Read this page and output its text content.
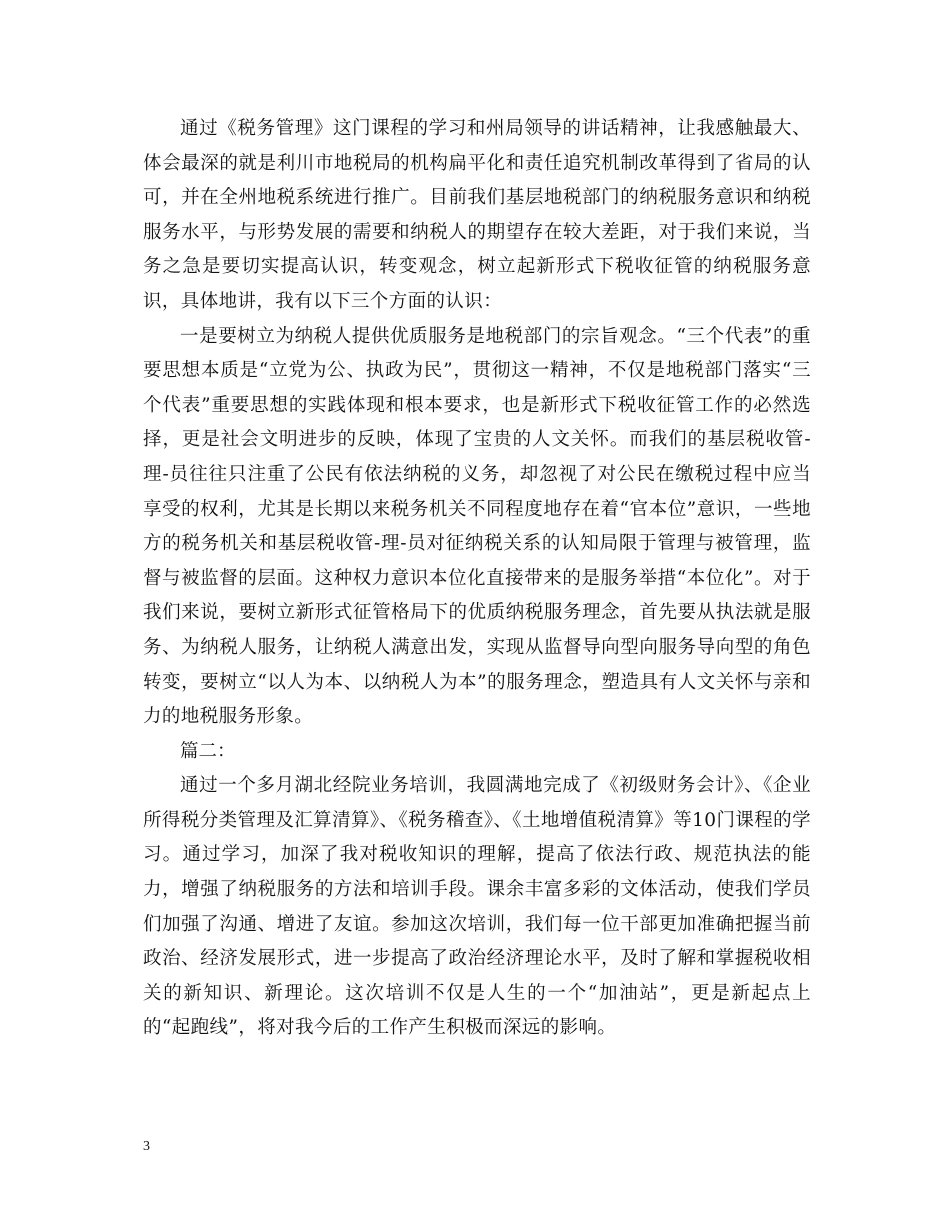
通过《税务管理》这门课程的学习和州局领导的讲话精神，让我感触最大、体会最深的就是利川市地税局的机构扁平化和责任追究机制改革得到了省局的认可，并在全州地税系统进行推广。目前我们基层地税部门的纳税服务意识和纳税服务水平，与形势发展的需要和纳税人的期望存在较大差距，对于我们来说，当务之急是要切实提高认识，转变观念，树立起新形式下税收征管的纳税服务意识，具体地讲，我有以下三个方面的认识：

一是要树立为纳税人提供优质服务是地税部门的宗旨观念。“三个代表”的重要思想本质是“立党为公、执政为民”，贯彻这一精神，不仅是地税部门落实“三个代表”重要思想的实践体现和根本要求，也是新形式下税收征管工作的必然选择，更是社会文明进步的反映，体现了宝贵的人文关怀。而我们的基层税收管-理-员往往只注重了公民有依法纳税的义务，却忽视了对公民在缴税过程中应当享受的权利，尤其是长期以来税务机关不同程度地存在着“官本位”意识，一些地方的税务机关和基层税收管-理-员对征纳税关系的认知局限于管理与被管理，监督与被监督的层面。这种权力意识本位化直接带来的是服务举措“本位化”。对于我们来说，要树立新形式征管格局下的优质纳税服务理念，首先要从执法就是服务、为纳税人服务，让纳税人满意出发，实现从监督导向型向服务导向型的角色转变，要树立“以人为本、以纳税人为本”的服务理念，塑造具有人文关怀与亲和力的地税服务形象。

篇二：

通过一个多月湖北经院业务培训，我圆满地完成了《初级财务会计》、《企业所得税分类管理及汇算清算》、《税务稽查》、《土地增值税清算》等10门课程的学习。通过学习，加深了我对税收知识的理解，提高了依法行政、规范执法的能力，增强了纳税服务的方法和培训手段。课余丰富多彩的文体活动，使我们学员们加强了沟通、增进了友谊。参加这次培训，我们每一位干部更加准确把握当前政治、经济发展形式，进一步提高了政治经济理论水平，及时了解和掌握税收相关的新知识、新理论。这次培训不仅是人生的一个“加油站”，更是新起点上的“起跑线”，将对我今后的工作产生积极而深远的影响。

3
